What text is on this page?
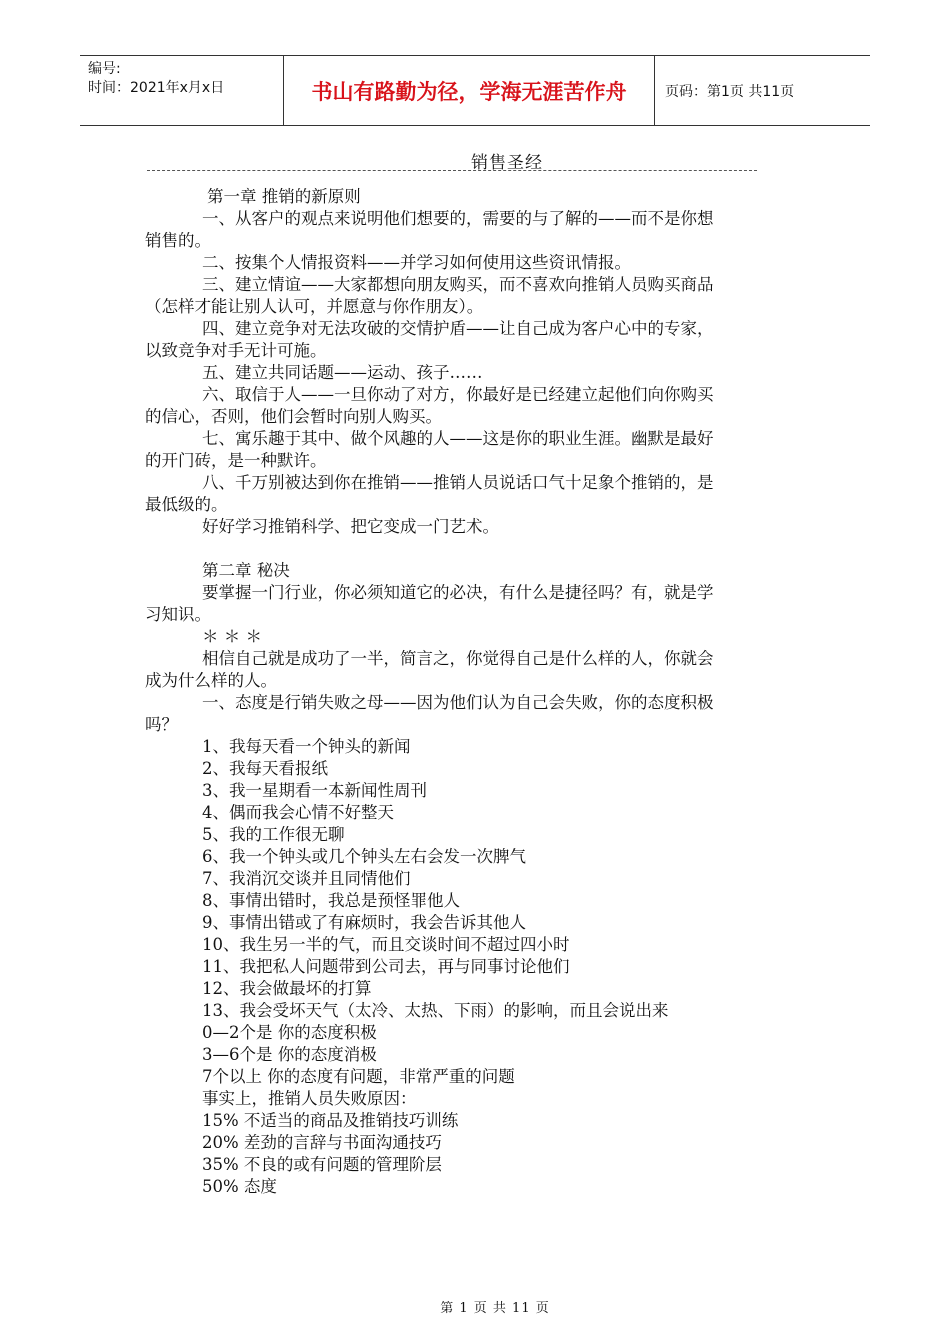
编号:
时间：2021年x月x日	书山有路勤为径，学海无涯苦作舟	页码：第1页 共11页
销售圣经
第一章 推销的新原则
一、从客户的观点来说明他们想要的，需要的与了解的——而不是你想
销售的。
二、按集个人情报资料——并学习如何使用这些资讯情报。
三、建立情谊——大家都想向朋友购买，而不喜欢向推销人员购买商品
（怎样才能让别人认可，并愿意与你作朋友）。
四、建立竞争对无法攻破的交情护盾——让自己成为客户心中的专家，
以致竞争对手无计可施。
五、建立共同话题——运动、孩子……
六、取信于人——一旦你动了对方，你最好是已经建立起他们向你购买
的信心，否则，他们会暂时向别人购买。
七、寓乐趣于其中、做个风趣的人——这是你的职业生涯。幽默是最好
的开门砖，是一种默许。
八、千万别被达到你在推销——推销人员说话口气十足象个推销的，是
最低级的。
好好学习推销科学、把它变成一门艺术。
第二章 秘决
要掌握一门行业，你必须知道它的必决，有什么是捷径吗？有，就是学
习知识。
＊ ＊ ＊
相信自己就是成功了一半，简言之，你觉得自己是什么样的人，你就会
成为什么样的人。
一、态度是行销失败之母——因为他们认为自己会失败，你的态度积极
吗？
1、我每天看一个钟头的新闻
2、我每天看报纸
3、我一星期看一本新闻性周刊
4、偶而我会心情不好整天
5、我的工作很无聊
6、我一个钟头或几个钟头左右会发一次脾气
7、我消沉交谈并且同情他们
8、事情出错时，我总是预怪罪他人
9、事情出错或了有麻烦时，我会告诉其他人
10、我生另一半的气，而且交谈时间不超过四小时
11、我把私人问题带到公司去，再与同事讨论他们
12、我会做最坏的打算
13、我会受坏天气（太冷、太热、下雨）的影响，而且会说出来
0—2个是 你的态度积极
3—6个是 你的态度消极
7个以上 你的态度有问题，非常严重的问题
事实上，推销人员失败原因：
15% 不适当的商品及推销技巧训练
20% 差劲的言辞与书面沟通技巧
35% 不良的或有问题的管理阶层
50% 态度
第 1 页 共 11 页
